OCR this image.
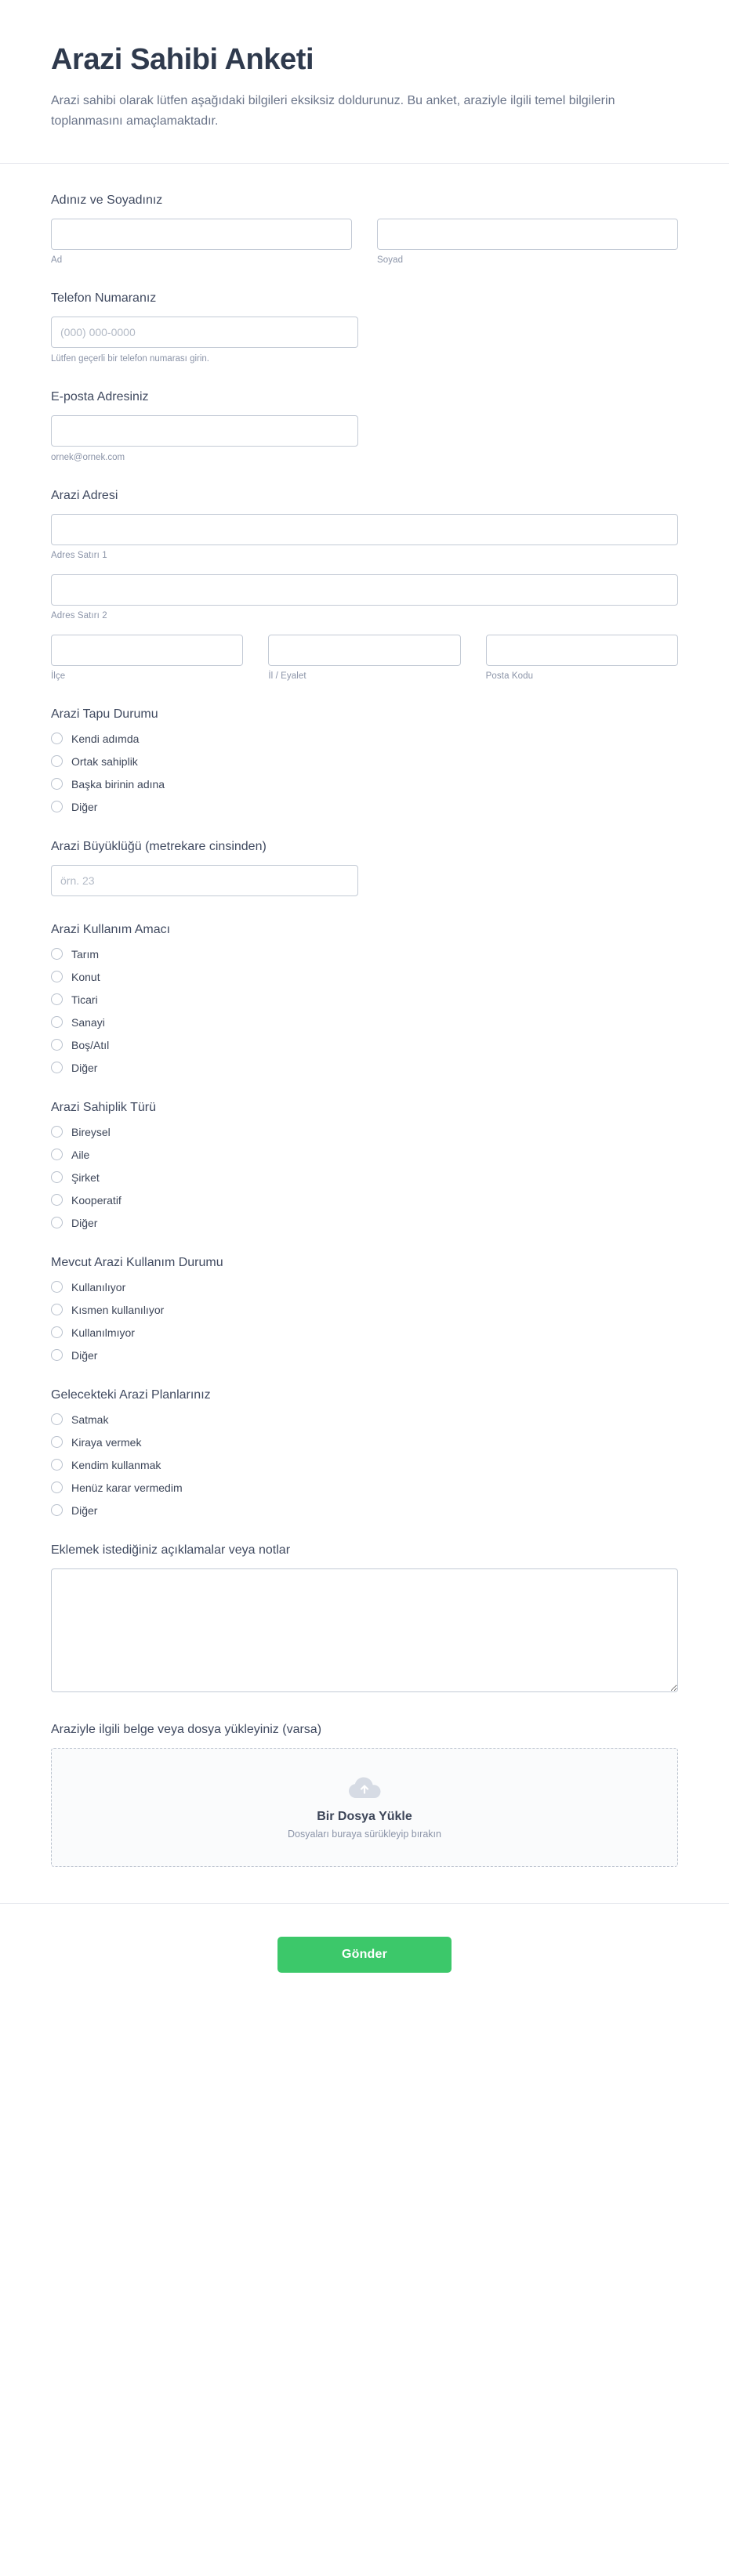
Arazi Sahibi Anketi

Arazi sahibi olarak lütfen aşağıdaki bilgileri eksiksiz doldurunuz. Bu anket, araziyle ilgili temel bilgilerin toplanmasını amaçlamaktadır.

Adınız ve Soyadınız
Ad	Soyad
Telefon Numaranız
(000) 000-0000
Lütfen geçerli bir telefon numarası girin.
E-posta Adresiniz
ornek@ornek.com
Arazi Adresi
Adres Satırı 1
Adres Satırı 2
İlçe	İl / Eyalet	Posta Kodu
Arazi Tapu Durumu
Kendi adımda
Ortak sahiplik
Başka birinin adına
Diğer
Arazi Büyüklüğü (metrekare cinsinden)
örn. 23
Arazi Kullanım Amacı
Tarım
Konut
Ticari
Sanayi
Boş/Atıl
Diğer
Arazi Sahiplik Türü
Bireysel
Aile
Şirket
Kooperatif
Diğer
Mevcut Arazi Kullanım Durumu
Kullanılıyor
Kısmen kullanılıyor
Kullanılmıyor
Diğer
Gelecekteki Arazi Planlarınız
Satmak
Kiraya vermek
Kendim kullanmak
Henüz karar vermedim
Diğer
Eklemek istediğiniz açıklamalar veya notlar
Araziyle ilgili belge veya dosya yükleyiniz (varsa)
Bir Dosya Yükle
Dosyaları buraya sürükleyip bırakın
Gönder
